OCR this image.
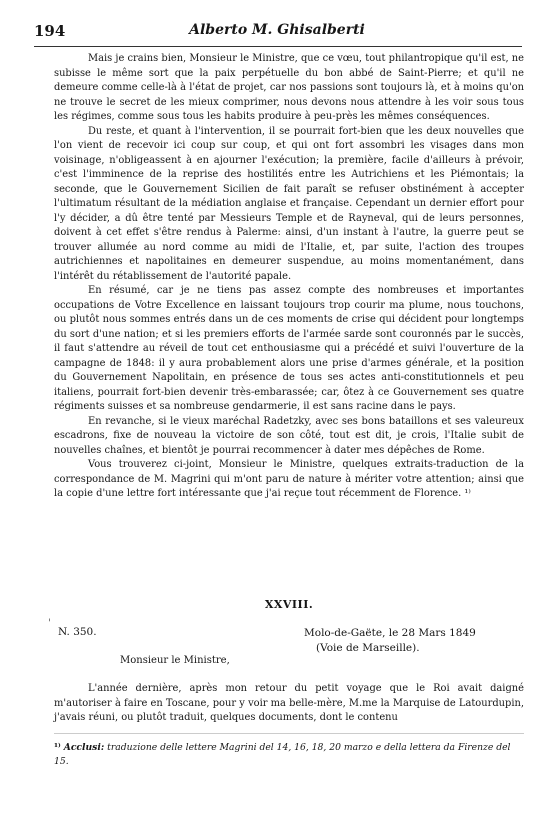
194	Alberto M. Ghisalberti

Mais je crains bien, Monsieur le Ministre, que ce vœu, tout philantropique qu'il est, ne subisse le même sort que la paix perpétuelle du bon abbé de Saint-Pierre; et qu'il ne demeure comme celle-là à l'état de projet, car nos passions sont toujours là, et à moins qu'on ne trouve le secret de les mieux comprimer, nous devons nous attendre à les voir sous tous les régimes, comme sous tous les habits produire à peu-près les mêmes conséquences.

Du reste, et quant à l'intervention, il se pourrait fort-bien que les deux nouvelles que l'on vient de recevoir ici coup sur coup, et qui ont fort assombri les visages dans mon voisinage, n'obligeassent à en ajourner l'exécution; la première, facile d'ailleurs à prévoir, c'est l'imminence de la reprise des hostilités entre les Autrichiens et les Piémontais; la seconde, que le Gouvernement Sicilien de fait paraît se refuser obstinément à accepter l'ultimatum résultant de la médiation anglaise et française. Cependant un dernier effort pour l'y décider, a dû être tenté par Messieurs Temple et de Rayneval, qui de leurs personnes, doivent à cet effet s'être rendus à Palerme: ainsi, d'un instant à l'autre, la guerre peut se trouver allumée au nord comme au midi de l'Italie, et, par suite, l'action des troupes autrichiennes et napolitaines en demeurer suspendue, au moins momentanément, dans l'intérêt du rétablissement de l'autorité papale.

En résumé, car je ne tiens pas assez compte des nombreuses et importantes occupations de Votre Excellence en laissant toujours trop courir ma plume, nous touchons, ou plutôt nous sommes entrés dans un de ces moments de crise qui décident pour longtemps du sort d'une nation; et si les premiers efforts de l'armée sarde sont couronnés par le succès, il faut s'attendre au réveil de tout cet enthousiasme qui a précédé et suivi l'ouverture de la campagne de 1848: il y aura probablement alors une prise d'armes générale, et la position du Gouvernement Napolitain, en présence de tous ses actes anti-constitutionnels et peu italiens, pourrait fort-bien devenir très-embarassée; car, ôtez à ce Gouvernement ses quatre régiments suisses et sa nombreuse gendarmerie, il est sans racine dans le pays.

En revanche, si le vieux maréchal Radetzky, avec ses bons bataillons et ses valeureux escadrons, fixe de nouveau la victoire de son côté, tout est dit, je crois, l'Italie subit de nouvelles chaînes, et bientôt je pourrai recommencer à dater mes dépêches de Rome.

Vous trouverez ci-joint, Monsieur le Ministre, quelques extraits-traduction de la correspondance de M. Magrini qui m'ont paru de nature à mériter votre attention; ainsi que la copie d'une lettre fort intéressante que j'ai reçue tout récemment de Florence. ¹⁾

XXVIII.
'
N. 350.	Molo-de-Gaëte, le 28 Mars 1849
(Voie de Marseille).
Monsieur le Ministre,

L'année dernière, après mon retour du petit voyage que le Roi avait daigné m'autoriser à faire en Toscane, pour y voir ma belle-mère, M.me la Marquise de Latourdupin, j'avais réuni, ou plutôt traduit, quelques documents, dont le contenu

¹⁾ Acclusi: traduzione delle lettere Magrini del 14, 16, 18, 20 marzo e della lettera da Firenze del 15.
